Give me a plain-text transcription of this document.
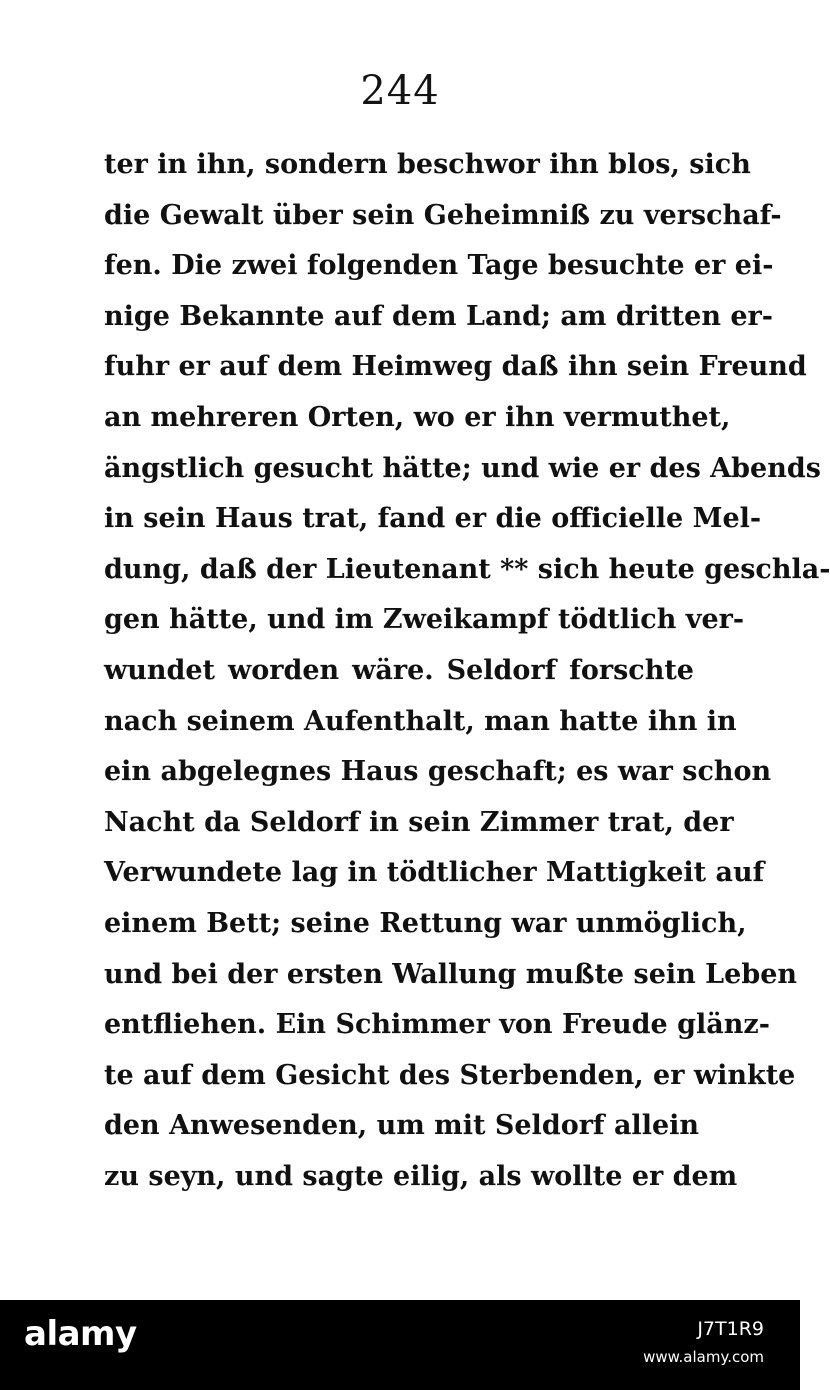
244
ter in ihn, sondern beschwor ihn blos, sich
die Gewalt über sein Geheimniß zu verschaf-
fen. Die zwei folgenden Tage besuchte er ei-
nige Bekannte auf dem Land; am dritten er-
fuhr er auf dem Heimweg daß ihn sein Freund
an mehreren Orten, wo er ihn vermuthet,
ängstlich gesucht hätte; und wie er des Abends
in sein Haus trat, fand er die officielle Mel-
dung, daß der Lieutenant ** sich heute geschla-
gen hätte, und im Zweikampf tödtlich ver-
wundet worden wäre. Seldorf forschte
nach seinem Aufenthalt, man hatte ihn in
ein abgelegnes Haus geschaft; es war schon
Nacht da Seldorf in sein Zimmer trat, der
Verwundete lag in tödtlicher Mattigkeit auf
einem Bett; seine Rettung war unmöglich,
und bei der ersten Wallung mußte sein Leben
entfliehen. Ein Schimmer von Freude glänz-
te auf dem Gesicht des Sterbenden, er winkte
den Anwesenden, um mit Seldorf allein
zu seyn, und sagte eilig, als wollte er dem
alamy	J7T1R9
www.alamy.com
